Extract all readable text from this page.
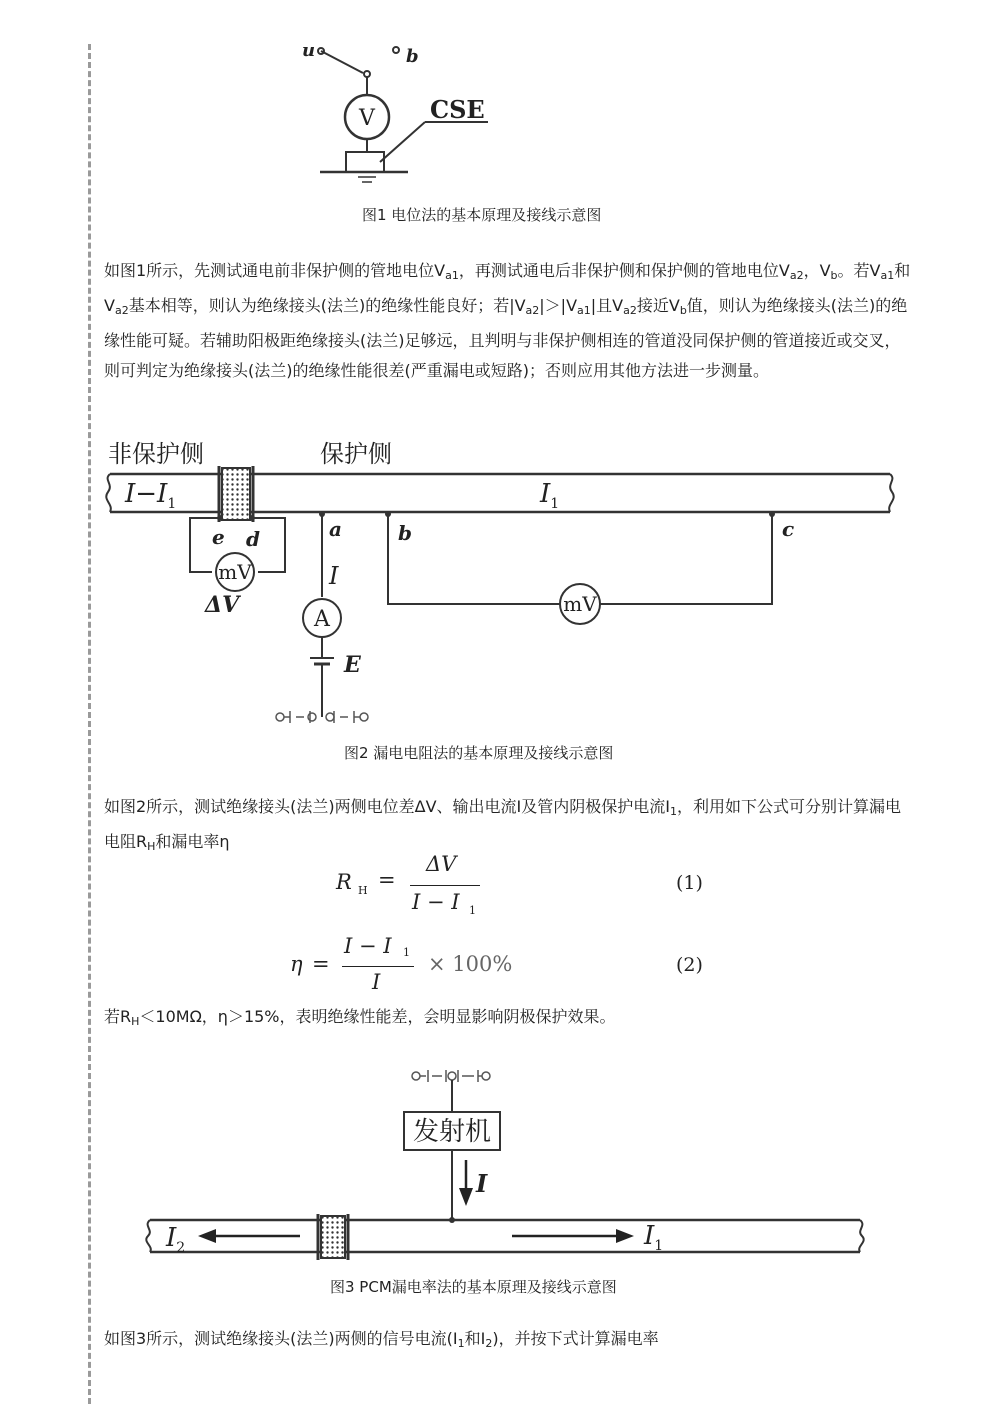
u	b
V CSE
图1 电位法的基本原理及接线示意图

如图1所示，先测试通电前非保护侧的管地电位$V_{a1}$，再测试通电后非保护侧和保护侧的管地电位$V_{a2}$，$V_b$。若$V_{a1}$和$V_{a2}$基本相等，则认为绝缘接头(法兰)的绝缘性能良好；若$|V_{a2}|>|V_{a1}|$且$V_{a2}$接近$V_b$值，则认为绝缘接头(法兰)的绝缘性能可疑。若辅助阳极距绝缘接头(法兰)足够远，且判明与非保护侧相连的管道没同保护侧的管道接近或交叉，则可判定为绝缘接头(法兰)的绝缘性能很差(严重漏电或短路)；否则应用其他方法进一步测量。

非保护侧	保护侧
$I-I_1$	$I_1$
e d	a	b	c
mV
mV
ΔV
I
A
E
图2 漏电电阻法的基本原理及接线示意图

如图2所示，测试绝缘接头(法兰)两侧电位差ΔV、输出电流I及管内阴极保护电流$I_1$，利用如下公式可分别计算漏电电阻$R_H$和漏电率η

R H =
ΔV
I − I 1
(1)
η =
I − I 1
I
× 100%	(2)

若$R_H<10M\Omega$，η＞15%，表明绝缘性能差，会明显影响阴极保护效果。

发射机
I
$I_2$	$I_1$
图3 PCM漏电率法的基本原理及接线示意图

如图3所示，测试绝缘接头(法兰)两侧的信号电流($I_1$和$I_2$)，并按下式计算漏电率
